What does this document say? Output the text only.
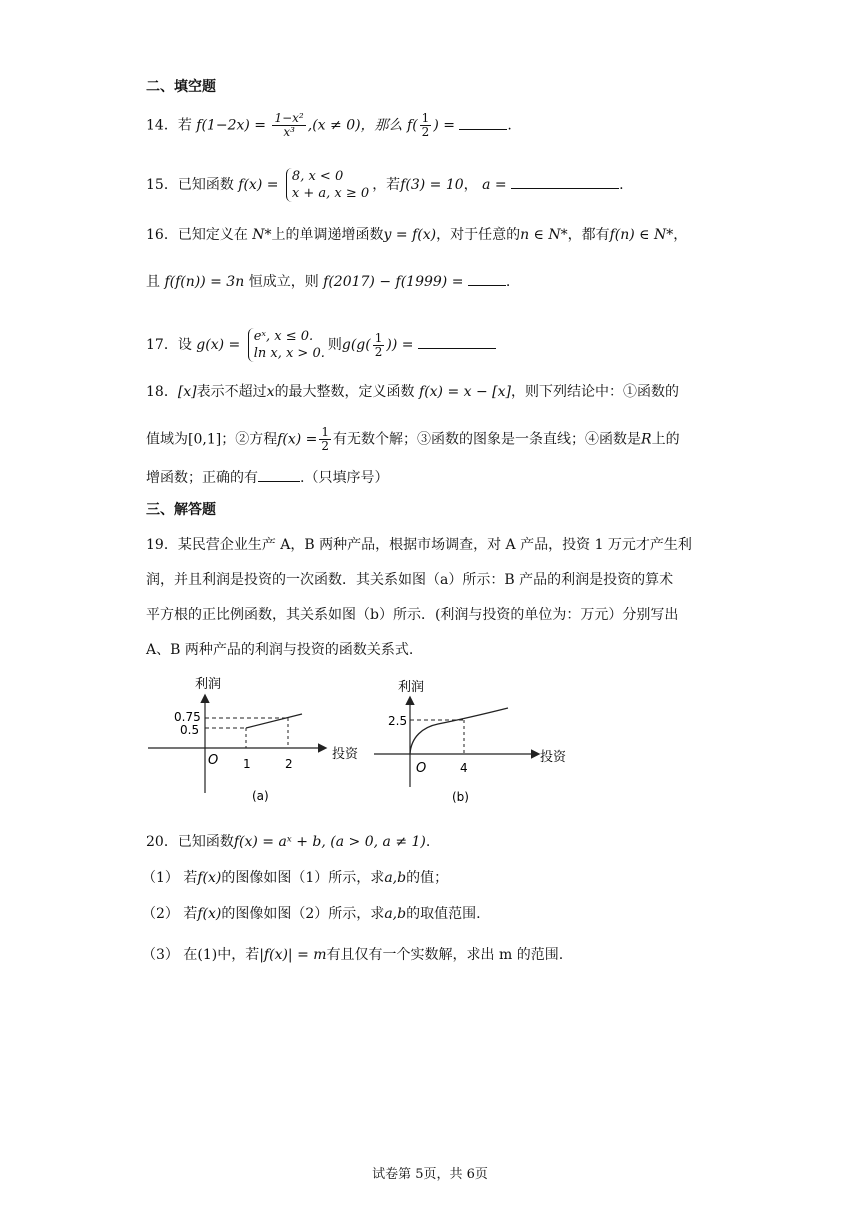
二、填空题
14．若 $f(1-2x) = \frac{\text{1−x²}}{\text{x³}} ,(x \ne 0)$，那么 $f( \frac{1}{2}$ ) =	.
15．已知函数 f(x) =
8, x < 0
x + a, x ≥ 0
，若f(3) = 10， a =	.
16．已知定义在 N*上的单调递增函数y = f(x)，对于任意的n ∈ N*，都有f(n) ∈ N*，
且 f(f(n)) = 3n 恒成立，则 f(2017) − f(1999) =	.
17．设 g(x) =
eˣ, x ≤ 0.
ln x, x > 0.
则$g(g( \frac{1}{2}$ )) =
18．[x]表示不超过x的最大整数，定义函数 f(x) = x − [x]，则下列结论中：①函数的
值域为[0,1]；②方程$f(x) = \frac{1}{2}$ 有无数个解；③函数的图象是一条直线；④函数是R上的
增函数；正确的有	.（只填序号）
三、解答题
19．某民营企业生产 A，B 两种产品，根据市场调查，对 A 产品，投资 1 万元才产生利
润，并且利润是投资的一次函数．其关系如图（a）所示：B 产品的利润是投资的算术
平方根的正比例函数，其关系如图（b）所示．(利润与投资的单位为：万元）分别写出
A、B 两种产品的利润与投资的函数关系式.
利润
投资
O
0.75
0.5
1	2
(a)
利润
投资
O
2.5
4
(b)
20．已知函数f(x) = aˣ + b, (a > 0, a ≠ 1).
（1） 若f(x)的图像如图（1）所示，求a,b的值；
（2） 若f(x)的图像如图（2）所示，求a,b的取值范围.
（3） 在(1)中，若|f(x)| = m有且仅有一个实数解，求出 m 的范围.
试卷第 5页，共 6页
